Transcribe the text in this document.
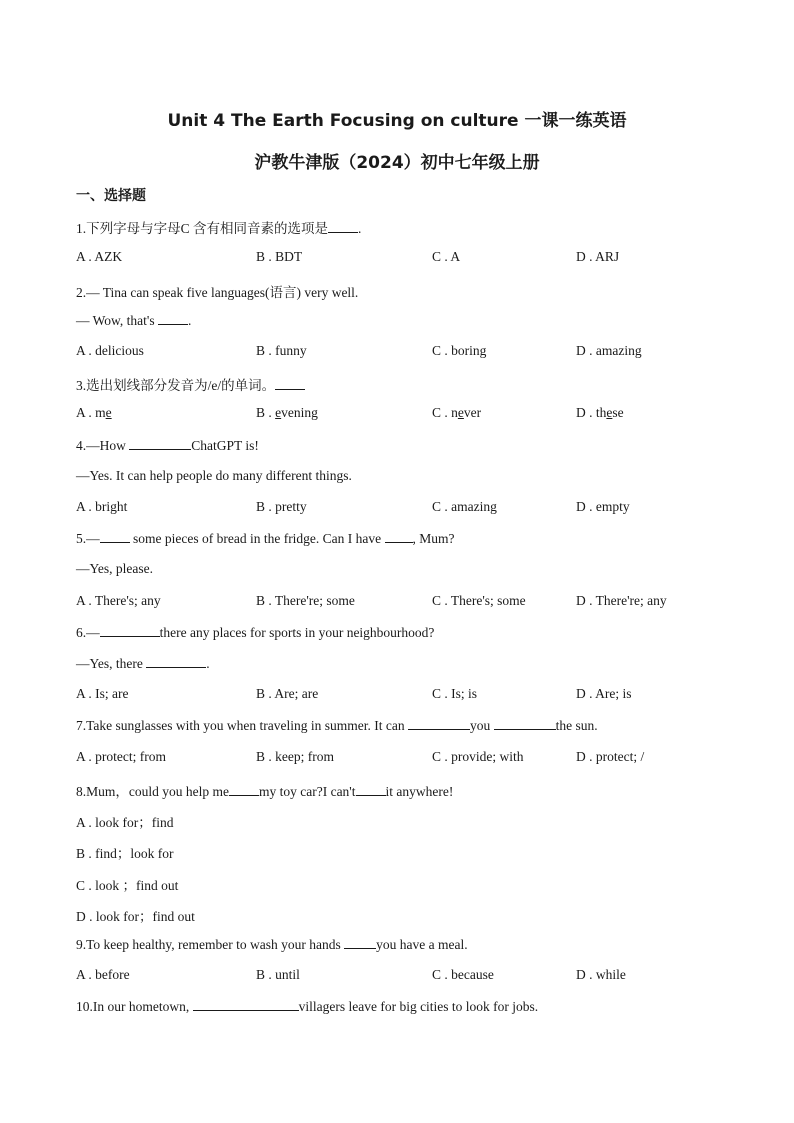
Unit 4 The Earth Focusing on culture 一课一练英语
沪教牛津版（2024）初中七年级上册
一、选择题
1.下列字母与字母C 含有相同音素的选项是 .
A . AZK	B . BDT	C . A	D . ARJ
2.— Tina can speak five languages(语言) very well.
— Wow, that's .
A . delicious	B . funny	C . boring	D . amazing
3.选出划线部分发音为/e/的单词。
A . me	B . evening	C . never	D . these
4.—How	ChatGPT is!
—Yes. It can help people do many different things.
A . bright	B . pretty	C . amazing	D . empty
5.— some pieces of bread in the fridge. Can I have , Mum?
—Yes, please.
A . There's; any	B . There're; some	C . There's; some	D . There're; any
6.—	there any places for sports in your neighbourhood?
—Yes, there	.
A . Is; are	B . Are; are	C . Is; is	D . Are; is
7.Take sunglasses with you when traveling in summer. It can	you	the sun.
A . protect; from	B . keep; from	C . provide; with	D . protect; /
8.Mum，could you help me my toy car?I can't it anywhere!
A . look for；find
B . find；look for
C . look ；find out
D . look for；find out
9.To keep healthy, remember to wash your hands	you have a meal.
A . before	B . until	C . because	D . while
10.In our hometown,	villagers leave for big cities to look for jobs.
